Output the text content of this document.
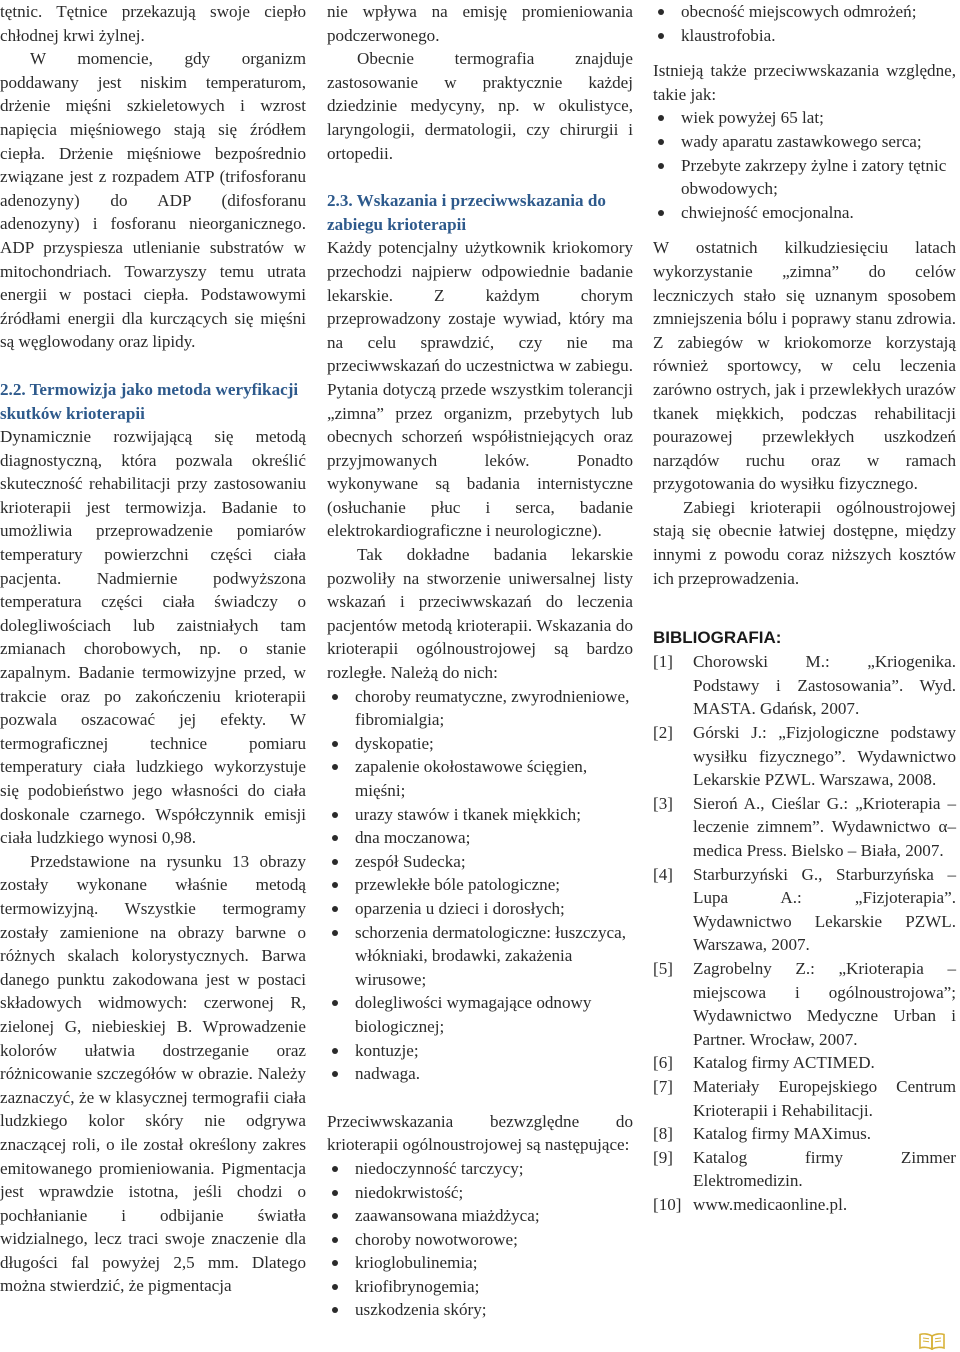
tętnic. Tętnice przekazują swoje ciepło chłodnej krwi żylnej.

W momencie, gdy organizm poddawany jest niskim temperaturom, drżenie mięśni szkieletowych i wzrost napięcia mięśniowego stają się źródłem ciepła. Drżenie mięśniowe bezpośrednio związane jest z rozpadem ATP (trifosforanu adenozyny) do ADP (difosforanu adenozyny) i fosforanu nieorganicznego. ADP przyspiesza utlenianie substratów w mitochondriach. Towarzyszy temu utrata energii w postaci ciepła. Podstawowymi źródłami energii dla kurczących się mięśni są węglowodany oraz lipidy.

2.2. Termowizja jako metoda weryfikacji skutków krioterapii

Dynamicznie rozwijającą się metodą diagnostyczną, która pozwala określić skuteczność rehabilitacji przy zastosowaniu krioterapii jest termowizja. Badanie to umożliwia przeprowadzenie pomiarów temperatury powierzchni części ciała pacjenta. Nadmiernie podwyższona temperatura części ciała świadczy o dolegliwościach lub zaistniałych tam zmianach chorobowych, np. o stanie zapalnym. Badanie termowizyjne przed, w trakcie oraz po zakończeniu krioterapii pozwala oszacować jej efekty. W termograficznej technice pomiaru temperatury ciała ludzkiego wykorzystuje się podobieństwo jego własności do ciała doskonale czarnego. Współczynnik emisji ciała ludzkiego wynosi 0,98.

Przedstawione na rysunku 13 obrazy zostały wykonane właśnie metodą termowizyjną. Wszystkie termogramy zostały zamienione na obrazy barwne o różnych skalach kolorystycznych. Barwa danego punktu zakodowana jest w postaci składowych widmowych: czerwonej R, zielonej G, niebieskiej B. Wprowadzenie kolorów ułatwia dostrzeganie oraz różnicowanie szczegółów w obrazie. Należy zaznaczyć, że w klasycznej termografii ciała ludzkiego kolor skóry nie odgrywa znaczącej roli, o ile został określony zakres emitowanego promieniowania. Pigmentacja jest wprawdzie istotna, jeśli chodzi o pochłanianie i odbijanie światła widzialnego, lecz traci swoje znaczenie dla długości fal powyżej 2,5 mm. Dlatego można stwierdzić, że pigmentacja

nie wpływa na emisję promieniowania podczerwonego.

Obecnie termografia znajduje zastosowanie w praktycznie każdej dziedzinie medycyny, np. w okulistyce, laryngologii, dermatologii, czy chirurgii i ortopedii.

2.3. Wskazania i przeciwwskazania do zabiegu krioterapii

Każdy potencjalny użytkownik kriokomory przechodzi najpierw odpowiednie badanie lekarskie. Z każdym chorym przeprowadzony zostaje wywiad, który ma na celu sprawdzić, czy nie ma przeciwwskazań do uczestnictwa w zabiegu. Pytania dotyczą przede wszystkim tolerancji „zimna” przez organizm, przebytych lub obecnych schorzeń współistniejących oraz przyjmowanych leków. Ponadto wykonywane są badania internistyczne (osłuchanie płuc i serca, badanie elektrokardiograficzne i neurologiczne).

Tak dokładne badania lekarskie pozwoliły na stworzenie uniwersalnej listy wskazań i przeciwwskazań do leczenia pacjentów metodą krioterapii. Wskazania do krioterapii ogólnoustrojowej są bardzo rozległe. Należą do nich:

choroby reumatyczne, zwyrodnieniowe, fibromialgia;
dyskopatie;
zapalenie okołostawowe ścięgien, mięśni;
urazy stawów i tkanek miękkich;
dna moczanowa;
zespół Sudecka;
przewlekłe bóle patologiczne;
oparzenia u dzieci i dorosłych;
schorzenia dermatologiczne: łuszczyca, włókniaki, brodawki, zakażenia wirusowe;
dolegliwości wymagające odnowy biologicznej;
kontuzje;
nadwaga.

Przeciwwskazania bezwzględne do krioterapii ogólnoustrojowej są następujące:

niedoczynność tarczycy;
niedokrwistość;
zaawansowana miażdżyca;
choroby nowotworowe;
krioglobulinemia;
kriofibrynogemia;
uszkodzenia skóry;
obecność miejscowych odmrożeń;
klaustrofobia.

Istnieją także przeciwwskazania względne, takie jak:

wiek powyżej 65 lat;
wady aparatu zastawkowego serca;
Przebyte zakrzepy żylne i zatory tętnic obwodowych;
chwiejność emocjonalna.

W ostatnich kilkudziesięciu latach wykorzystanie „zimna” do celów leczniczych stało się uznanym sposobem zmniejszenia bólu i poprawy stanu zdrowia. Z zabiegów w kriokomorze korzystają również sportowcy, w celu leczenia zarówno ostrych, jak i przewlekłych urazów tkanek miękkich, podczas rehabilitacji pourazowej przewlekłych uszkodzeń narządów ruchu oraz w ramach przygotowania do wysiłku fizycznego.

Zabiegi krioterapii ogólnoustrojowej stają się obecnie łatwiej dostępne, między innymi z powodu coraz niższych kosztów ich przeprowadzenia.

BIBLIOGRAFIA:
[1]	Chorowski M.: „Kriogenika. Podstawy i Zastosowania”. Wyd. MASTA. Gdańsk, 2007.
[2]	Górski J.: „Fizjologiczne podstawy wysiłku fizycznego”. Wydawnictwo Lekarskie PZWL. Warszawa, 2008.
[3]	Sieroń A., Cieślar G.: „Krioterapia – leczenie zimnem”. Wydawnictwo α–medica Press. Bielsko – Biała, 2007.
[4]	Starburzyński G., Starburzyńska – Lupa A.: „Fizjoterapia”. Wydawnictwo Lekarskie PZWL. Warszawa, 2007.
[5]	Zagrobelny Z.: „Krioterapia – miejscowa i ogólnoustrojowa”; Wydawnictwo Medyczne Urban i Partner. Wrocław, 2007.
[6]	Katalog firmy ACTIMED.
[7]	Materiały Europejskiego Centrum Krioterapii i Rehabilitacji.
[8]	Katalog firmy MAXimus.
[9]	Katalog firmy Zimmer Elektromedizin.
[10] www.medicaonline.pl.
